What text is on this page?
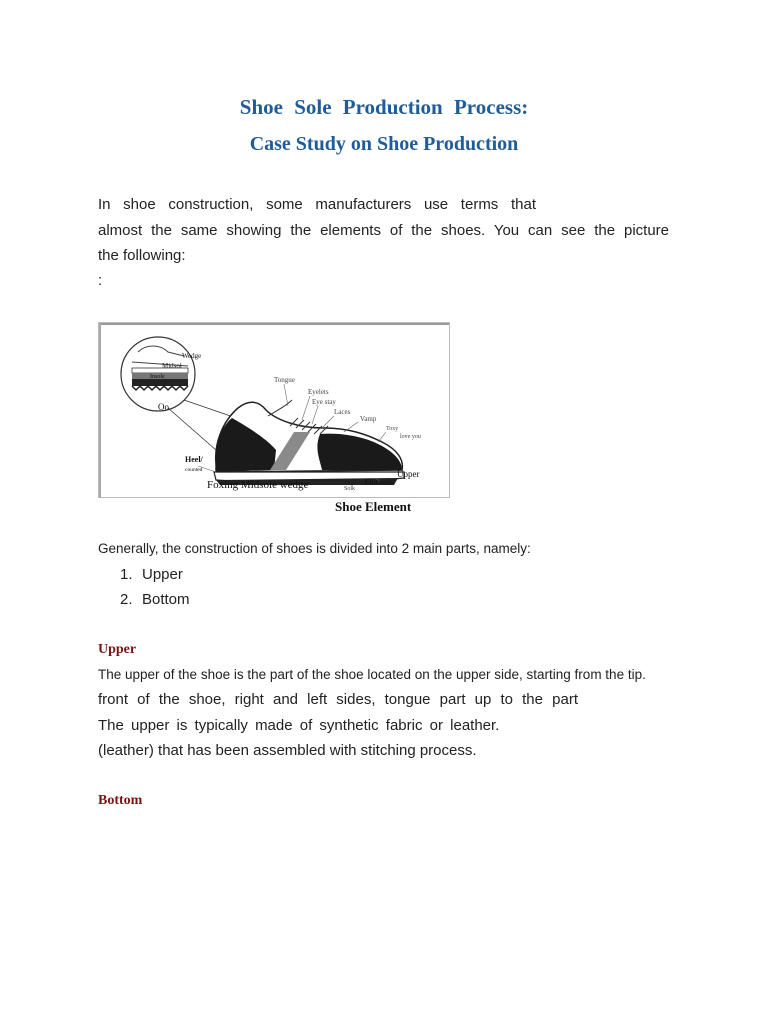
Shoe Sole Production Process:
Case Study on Shoe Production
In shoe construction, some manufacturers use terms that
almost the same showing the elements of the shoes. You can see the picture
the following:
:
Wedge
Midsol
Insole
Oo
Tongue
Eyelets
Eye stay
Laces
Vamp
Toxy
love you
Heel/
counted	Upper
Outsole
Solk
Foxing Midsole wedge
Shoe Element
Generally, the construction of shoes is divided into 2 main parts, namely:
1. Upper
2. Bottom
Upper
The upper of the shoe is the part of the shoe located on the upper side, starting from the tip.
front of the shoe, right and left sides, tongue part up to the part
The upper is typically made of synthetic fabric or leather.
(leather) that has been assembled with stitching process.
Bottom
